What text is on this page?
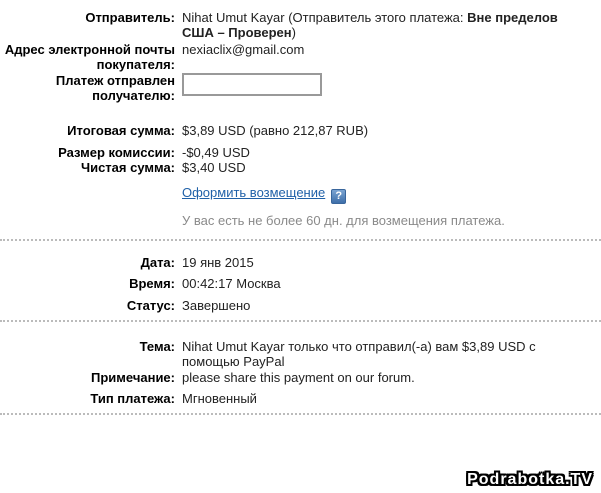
Отправитель: Nihat Umut Kayar (Отправитель этого платежа: Вне пределов США – Проверен)
Адрес электронной почты покупателя:
nexiaclix@gmail.com
Платеж отправлен получателю:
Итоговая сумма: $3,89 USD (равно 212,87 RUB)
Размер комиссии: -$0,49 USD
Чистая сумма: $3,40 USD
Оформить возмещение ?
У вас есть не более 60 дн. для возмещения платежа.
Дата: 19 янв 2015
Время: 00:42:17 Москва
Статус: Завершено
Тема: Nihat Umut Kayar только что отправил(-а) вам $3,89 USD с помощью PayPal
Примечание: please share this payment on our forum.
Тип платежа: Мгновенный
Podrabotka.TV
